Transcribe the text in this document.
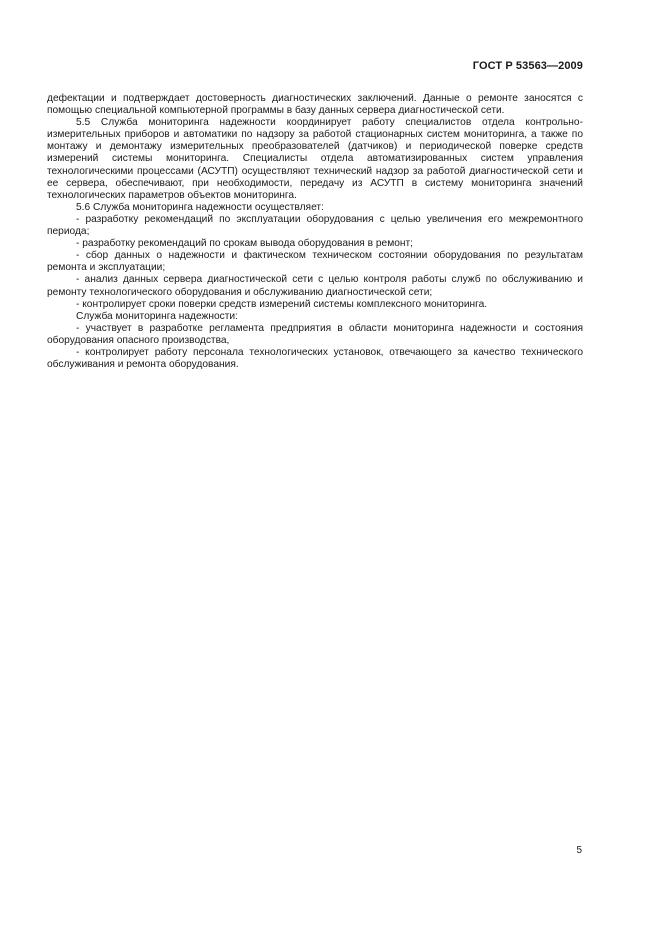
ГОСТ Р 53563—2009

дефектации и подтверждает достоверность диагностических заключений. Данные о ремонте заносятся с помощью специальной компьютерной программы в базу данных сервера диагностической сети.

5.5 Служба мониторинга надежности координирует работу специалистов отдела контрольно-измерительных приборов и автоматики по надзору за работой стационарных систем мониторинга, а также по монтажу и демонтажу измерительных преобразователей (датчиков) и периодической поверке средств измерений системы мониторинга. Специалисты отдела автоматизированных систем управления технологическими процессами (АСУТП) осуществляют технический надзор за работой диагностической сети и ее сервера, обеспечивают, при необходимости, передачу из АСУТП в систему мониторинга значений технологических параметров объектов мониторинга.

5.6 Служба мониторинга надежности осуществляет:

- разработку рекомендаций по эксплуатации оборудования с целью увеличения его межремонтного периода;

- разработку рекомендаций по срокам вывода оборудования в ремонт;

- сбор данных о надежности и фактическом техническом состоянии оборудования по результатам ремонта и эксплуатации;

- анализ данных сервера диагностической сети с целью контроля работы служб по обслуживанию и ремонту технологического оборудования и обслуживанию диагностической сети;

- контролирует сроки поверки средств измерений системы комплексного мониторинга.

Служба мониторинга надежности:

- участвует в разработке регламента предприятия в области мониторинга надежности и состояния оборудования опасного производства,

- контролирует работу персонала технологических установок, отвечающего за качество технического обслуживания и ремонта оборудования.

5
